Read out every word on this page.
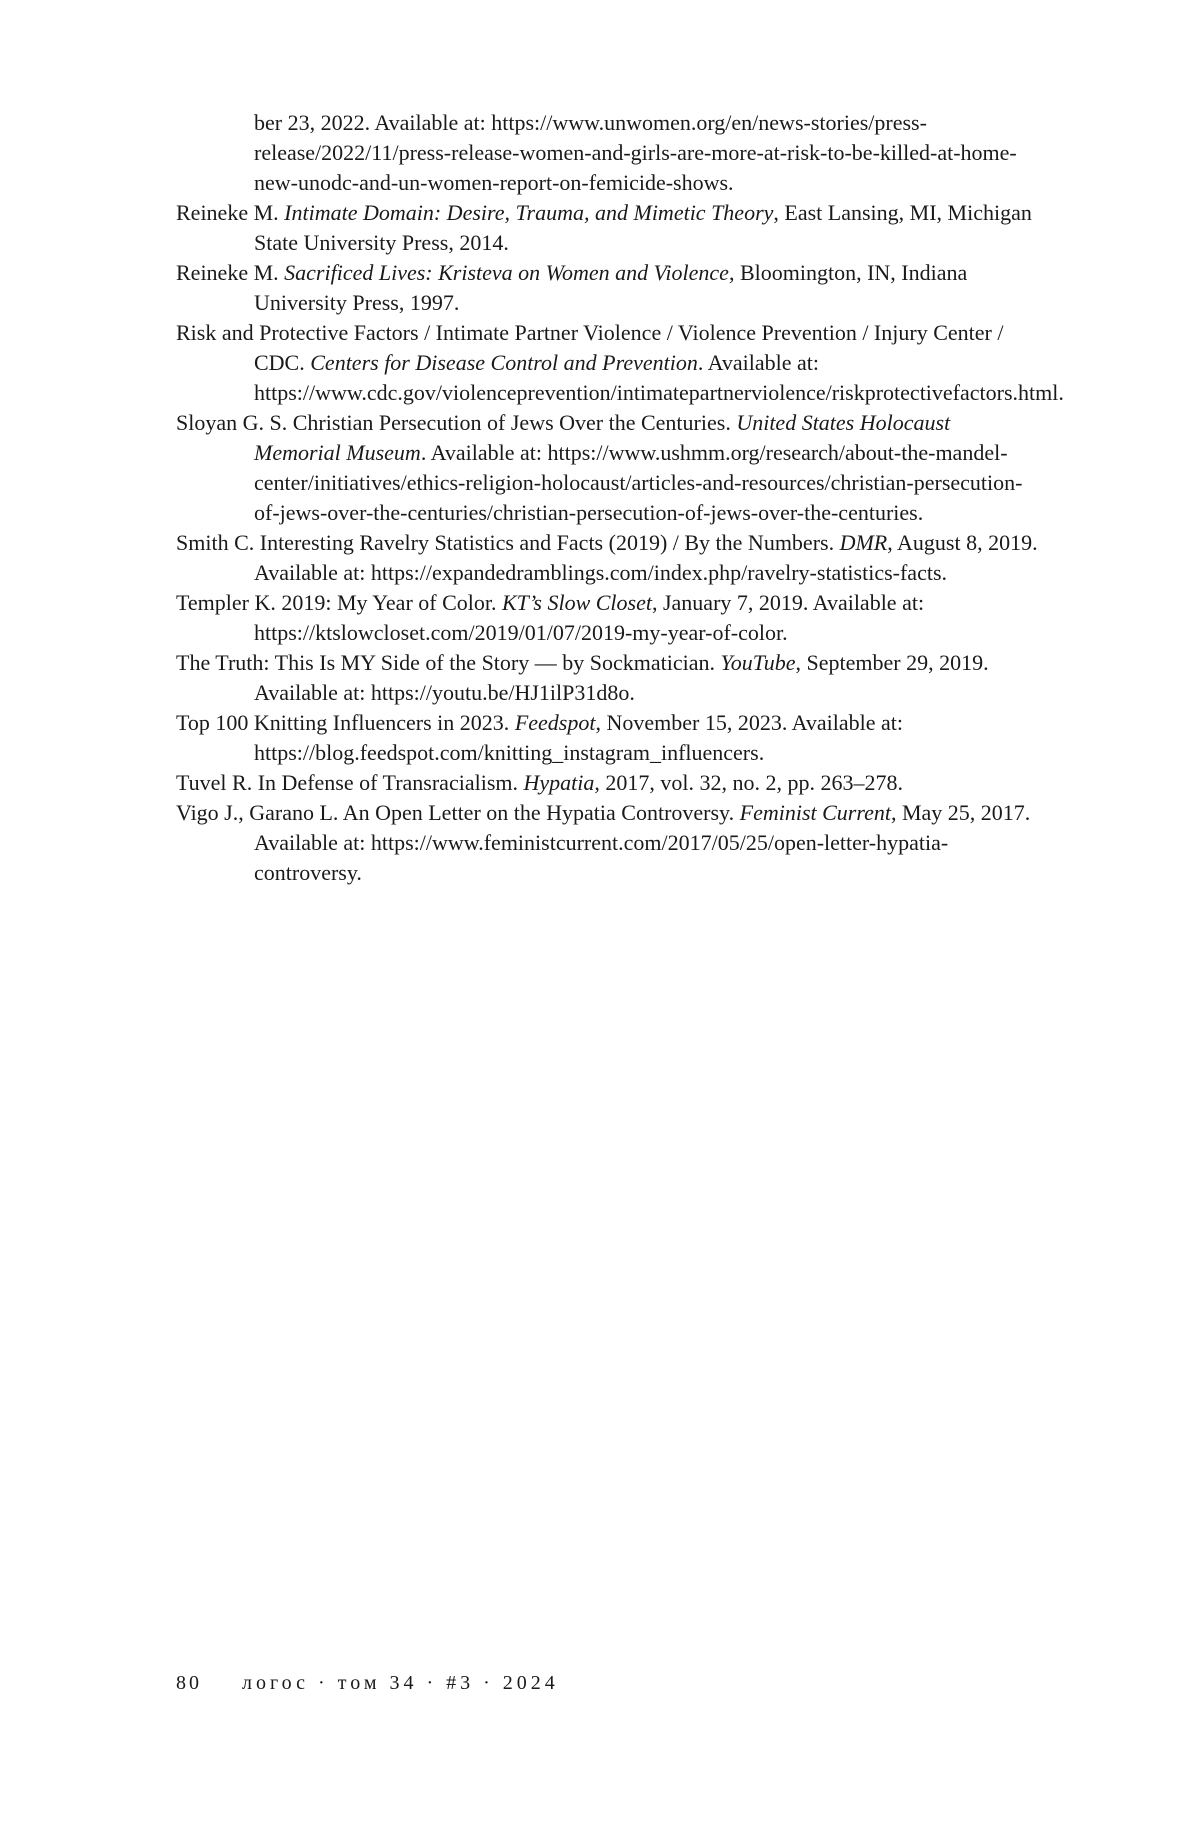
ber 23, 2022. Available at: https://www.unwomen.org/en/news-stories/press-release/2022/11/press-release-women-and-girls-are-more-at-risk-to-be-killed-at-home-new-unodc-and-un-women-report-on-femicide-shows.

Reineke M. Intimate Domain: Desire, Trauma, and Mimetic Theory, East Lansing, MI, Michigan State University Press, 2014.

Reineke M. Sacrificed Lives: Kristeva on Women and Violence, Bloomington, IN, Indiana University Press, 1997.

Risk and Protective Factors / Intimate Partner Violence / Violence Prevention / Injury Center / CDC. Centers for Disease Control and Prevention. Available at: https://www.cdc.gov/violenceprevention/intimatepartnerviolence/riskprotectivefactors.html.

Sloyan G. S. Christian Persecution of Jews Over the Centuries. United States Holocaust Memorial Museum. Available at: https://www.ushmm.org/research/about-the-mandel-center/initiatives/ethics-religion-holocaust/articles-and-resources/christian-persecution-of-jews-over-the-centuries/christian-persecution-of-jews-over-the-centuries.

Smith C. Interesting Ravelry Statistics and Facts (2019) / By the Numbers. DMR, August 8, 2019. Available at: https://expandedramblings.com/index.php/ravelry-statistics-facts.

Templer K. 2019: My Year of Color. KT’s Slow Closet, January 7, 2019. Available at: https://ktslowcloset.com/2019/01/07/2019-my-year-of-color.

The Truth: This Is MY Side of the Story — by Sockmatician. YouTube, September 29, 2019. Available at: https://youtu.be/HJ1ilP31d8o.

Top 100 Knitting Influencers in 2023. Feedspot, November 15, 2023. Available at: https://blog.feedspot.com/knitting_instagram_influencers.

Tuvel R. In Defense of Transracialism. Hypatia, 2017, vol. 32, no. 2, pp. 263–278.

Vigo J., Garano L. An Open Letter on the Hypatia Controversy. Feminist Current, May 25, 2017. Available at: https://www.feministcurrent.com/2017/05/25/open-letter-hypatia-controversy.

80 логос · том 34 · #3 · 2024
